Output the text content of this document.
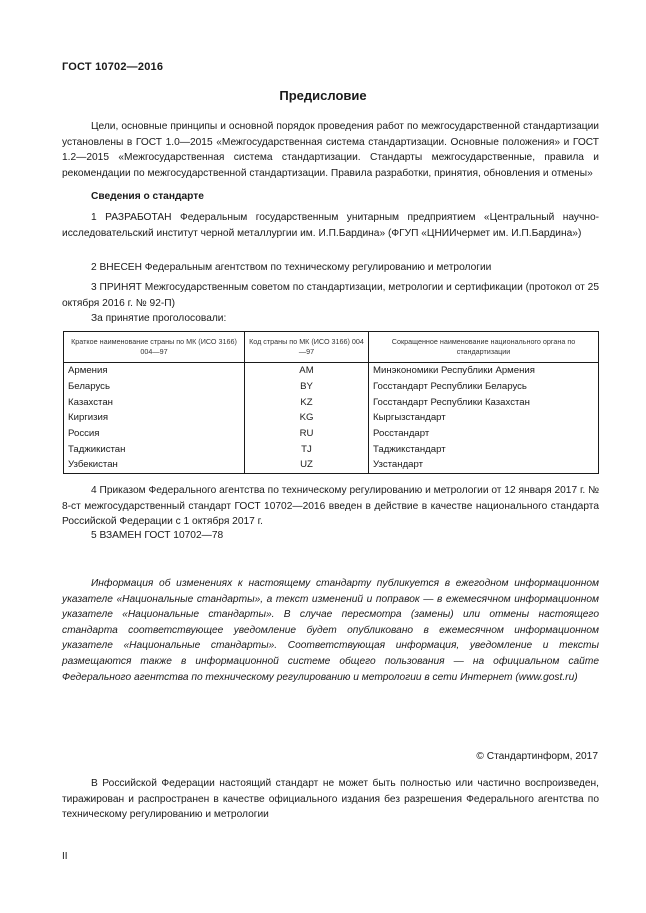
ГОСТ 10702—2016
Предисловие
Цели, основные принципы и основной порядок проведения работ по межгосударственной стандартизации установлены в ГОСТ 1.0—2015 «Межгосударственная система стандартизации. Основные положения» и ГОСТ 1.2—2015 «Межгосударственная система стандартизации. Стандарты межгосударственные, правила и рекомендации по межгосударственной стандартизации. Правила разработки, принятия, обновления и отмены»
Сведения о стандарте
1 РАЗРАБОТАН Федеральным государственным унитарным предприятием «Центральный научно-исследовательский институт черной металлургии им. И.П.Бардина» (ФГУП «ЦНИИчермет им. И.П.Бардина»)
2 ВНЕСЕН Федеральным агентством по техническому регулированию и метрологии
3 ПРИНЯТ Межгосударственным советом по стандартизации, метрологии и сертификации (протокол от 25 октября 2016 г. № 92-П)
За принятие проголосовали:
Краткое наименование страны по МК (ИСО 3166) 004—97	Код страны по МК (ИСО 3166) 004—97	Сокращенное наименование национального органа по стандартизации
Армения	AM	Минэкономики Республики Армения
Беларусь	BY	Госстандарт Республики Беларусь
Казахстан	KZ	Госстандарт Республики Казахстан
Киргизия	KG	Кыргызстандарт
Россия	RU	Росстандарт
Таджикистан	TJ	Таджикстандарт
Узбекистан	UZ	Узстандарт
4 Приказом Федерального агентства по техническому регулированию и метрологии от 12 января 2017 г. № 8-ст межгосударственный стандарт ГОСТ 10702—2016 введен в действие в качестве национального стандарта Российской Федерации с 1 октября 2017 г.
5 ВЗАМЕН ГОСТ 10702—78
Информация об изменениях к настоящему стандарту публикуется в ежегодном информационном указателе «Национальные стандарты», а текст изменений и поправок — в ежемесячном информационном указателе «Национальные стандарты». В случае пересмотра (замены) или отмены настоящего стандарта соответствующее уведомление будет опубликовано в ежемесячном информационном указателе «Национальные стандарты». Соответствующая информация, уведомление и тексты размещаются также в информационной системе общего пользования — на официальном сайте Федерального агентства по техническому регулированию и метрологии в сети Интернет (www.gost.ru)
© Стандартинформ, 2017
В Российской Федерации настоящий стандарт не может быть полностью или частично воспроизведен, тиражирован и распространен в качестве официального издания без разрешения Федерального агентства по техническому регулированию и метрологии
II
